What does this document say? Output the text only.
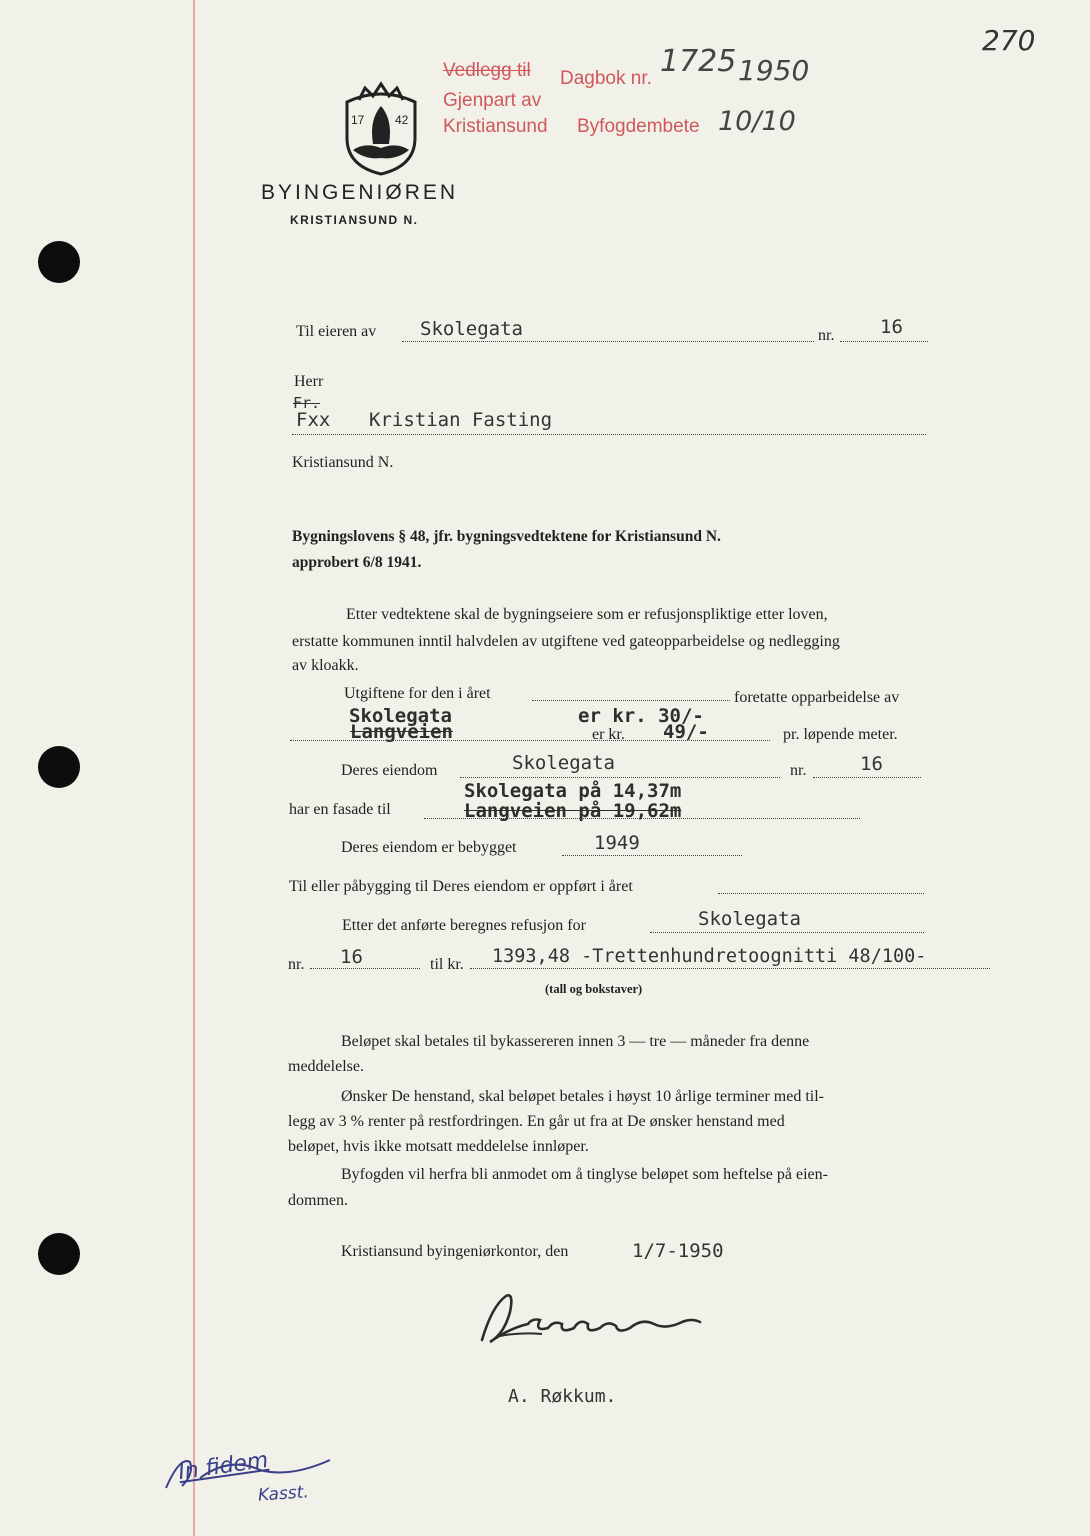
270
Vedlegg til Dagbok nr. 1725 1950
Gjenpart av
Kristiansund Byfogdembete 10/10
17	42
BYINGENIØREN
KRISTIANSUND N.
Til eieren av Skolegata	nr. 16
Herr
Fr.
Fxx Kristian Fasting
Kristiansund N.
Bygningslovens § 48, jfr. bygningsvedtektene for Kristiansund N.
approbert 6/8 1941.
Etter vedtektene skal de bygningseiere som er refusjonspliktige etter loven,
erstatte kommunen inntil halvdelen av utgiftene ved gateopparbeidelse og nedlegging
av kloakk.
Utgiftene for den i året	foretatte opparbeidelse av
Skolegata	er kr. 30/-
Langveien	er kr. 49/-	pr. løpende meter.
Deres eiendom	Skolegata	nr.	16
har en fasade til
Skolegata på 14,37m
Langveien på 19,62m
Deres eiendom er bebygget	1949
Til eller påbygging til Deres eiendom er oppført i året
Etter det anførte beregnes refusjon for	Skolegata
nr. 16	til kr. 1393,48 -Trettenhundretoognitti 48/100-
(tall og bokstaver)
Beløpet skal betales til bykassereren innen 3 — tre — måneder fra denne
meddelelse.
Ønsker De henstand, skal beløpet betales i høyst 10 årlige terminer med til-
legg av 3 % renter på restfordringen. En går ut fra at De ønsker henstand med
beløpet, hvis ikke motsatt meddelelse innløper.
Byfogden vil herfra bli anmodet om å tinglyse beløpet som heftelse på eien-
dommen.
Kristiansund byingeniørkontor, den	1/7-1950
A. Røkkum.
In fidem
Kasst.
